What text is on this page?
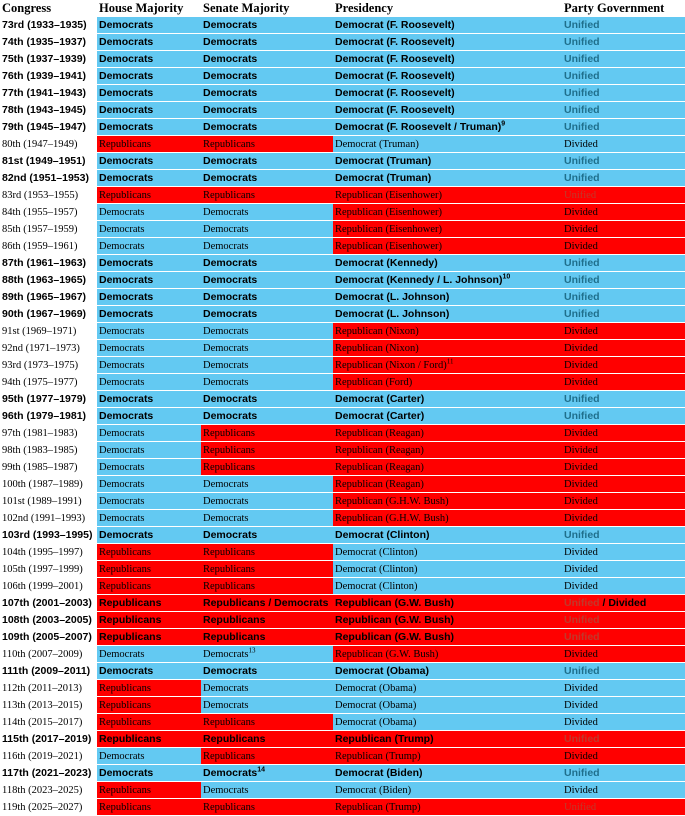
Congress	House Majority	Senate Majority	Presidency	Party Government
73rd (1933–1935)	Democrats	Democrats	Democrat (F. Roosevelt)	Unified
74th (1935–1937)	Democrats	Democrats	Democrat (F. Roosevelt)	Unified
75th (1937–1939)	Democrats	Democrats	Democrat (F. Roosevelt)	Unified
76th (1939–1941)	Democrats	Democrats	Democrat (F. Roosevelt)	Unified
77th (1941–1943)	Democrats	Democrats	Democrat (F. Roosevelt)	Unified
78th (1943–1945)	Democrats	Democrats	Democrat (F. Roosevelt)	Unified
79th (1945–1947)	Democrats	Democrats	Democrat (F. Roosevelt / Truman)$^9$	Unified
80th (1947–1949)	Republicans	Republicans	Democrat (Truman)	Divided
81st (1949–1951)	Democrats	Democrats	Democrat (Truman)	Unified
82nd (1951–1953)	Democrats	Democrats	Democrat (Truman)	Unified
83rd (1953–1955)	Republicans	Republicans	Republican (Eisenhower)	Unified
84th (1955–1957)	Democrats	Democrats	Republican (Eisenhower)	Divided
85th (1957–1959)	Democrats	Democrats	Republican (Eisenhower)	Divided
86th (1959–1961)	Democrats	Democrats	Republican (Eisenhower)	Divided
87th (1961–1963)	Democrats	Democrats	Democrat (Kennedy)	Unified
88th (1963–1965)	Democrats	Democrats	Democrat (Kennedy / L. Johnson)$^{10}$	Unified
89th (1965–1967)	Democrats	Democrats	Democrat (L. Johnson)	Unified
90th (1967–1969)	Democrats	Democrats	Democrat (L. Johnson)	Unified
91st (1969–1971)	Democrats	Democrats	Republican (Nixon)	Divided
92nd (1971–1973)	Democrats	Democrats	Republican (Nixon)	Divided
93rd (1973–1975)	Democrats	Democrats	Republican (Nixon / Ford)$^{11}$	Divided
94th (1975–1977)	Democrats	Democrats	Republican (Ford)	Divided
95th (1977–1979)	Democrats	Democrats	Democrat (Carter)	Unified
96th (1979–1981)	Democrats	Democrats	Democrat (Carter)	Unified
97th (1981–1983)	Democrats	Republicans	Republican (Reagan)	Divided
98th (1983–1985)	Democrats	Republicans	Republican (Reagan)	Divided
99th (1985–1987)	Democrats	Republicans	Republican (Reagan)	Divided
100th (1987–1989)	Democrats	Democrats	Republican (Reagan)	Divided
101st (1989–1991)	Democrats	Democrats	Republican (G.H.W. Bush)	Divided
102nd (1991–1993)	Democrats	Democrats	Republican (G.H.W. Bush)	Divided
103rd (1993–1995)	Democrats	Democrats	Democrat (Clinton)	Unified
104th (1995–1997)	Republicans	Republicans	Democrat (Clinton)	Divided
105th (1997–1999)	Republicans	Republicans	Democrat (Clinton)	Divided
106th (1999–2001)	Republicans	Republicans	Democrat (Clinton)	Divided
107th (2001–2003)	Republicans	Republicans / Democrats	Republican (G.W. Bush)	Unified / Divided
108th (2003–2005)	Republicans	Republicans	Republican (G.W. Bush)	Unified
109th (2005–2007)	Republicans	Republicans	Republican (G.W. Bush)	Unified
110th (2007–2009)	Democrats	Democrats$^{13}$	Republican (G.W. Bush)	Divided
111th (2009–2011)	Democrats	Democrats	Democrat (Obama)	Unified
112th (2011–2013)	Republicans	Democrats	Democrat (Obama)	Divided
113th (2013–2015)	Republicans	Democrats	Democrat (Obama)	Divided
114th (2015–2017)	Republicans	Republicans	Democrat (Obama)	Divided
115th (2017–2019)	Republicans	Republicans	Republican (Trump)	Unified
116th (2019–2021)	Democrats	Republicans	Republican (Trump)	Divided
117th (2021–2023)	Democrats	Democrats$^{14}$	Democrat (Biden)	Unified
118th (2023–2025)	Republicans	Democrats	Democrat (Biden)	Divided
119th (2025–2027)	Republicans	Republicans	Republican (Trump)	Unified
